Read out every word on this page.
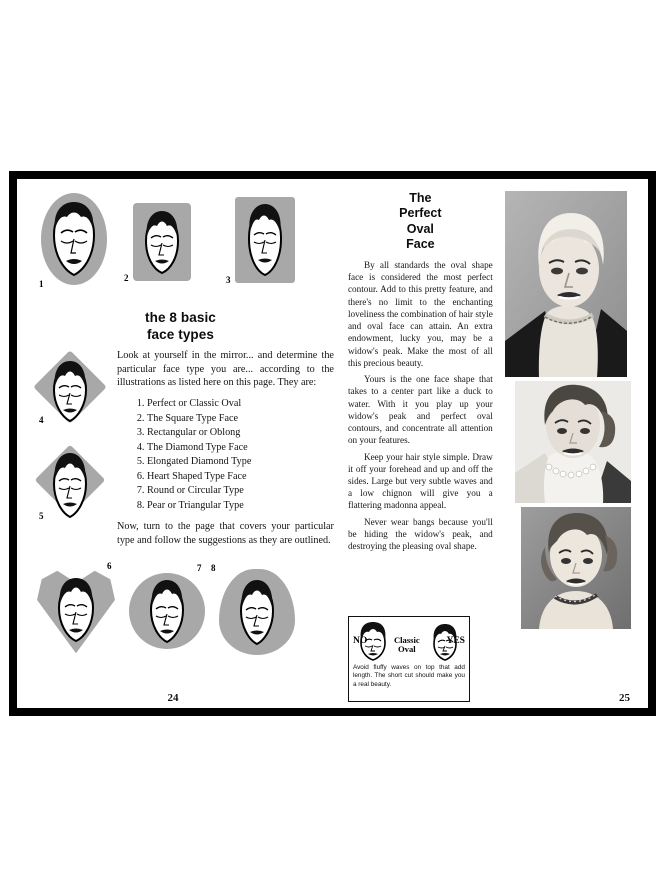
1
2	3
the 8 basic
face types
4
5

Look at yourself in the mirror... and determine the particular face type you are... according to the illustrations as listed here on this page. They are:

1. Perfect or Classic Oval
2. The Square Type Face
3. Rectangular or Oblong
4. The Diamond Type Face
5. Elongated Diamond Type
6. Heart Shaped Type Face
7. Round or Circular Type
8. Pear or Triangular Type

Now, turn to the page that covers your particular type and follow the suggestions as they are outlined.

6	7 8
24
The
Perfect
Oval
Face

By all standards the oval shape face is considered the most perfect contour. Add to this pretty feature, and there's no limit to the enchanting loveliness the combination of hair style and oval face can attain. An extra endowment, lucky you, may be a widow's peak. Make the most of all this precious beauty.

Yours is the one face shape that takes to a center part like a duck to water. With it you play up your widow's peak and perfect oval contours, and concentrate all attention on your features.

Keep your hair style simple. Draw it off your forehead and up and off the sides. Large but very subtle waves and a low chignon will give you a flattering madonna appeal.

Never wear bangs because you'll be hiding the widow's peak, and destroying the pleasing oval shape.

NO	Classic
Oval
YES
Avoid fluffy waves on top that add length. The short cut should make you a real beauty.
25
